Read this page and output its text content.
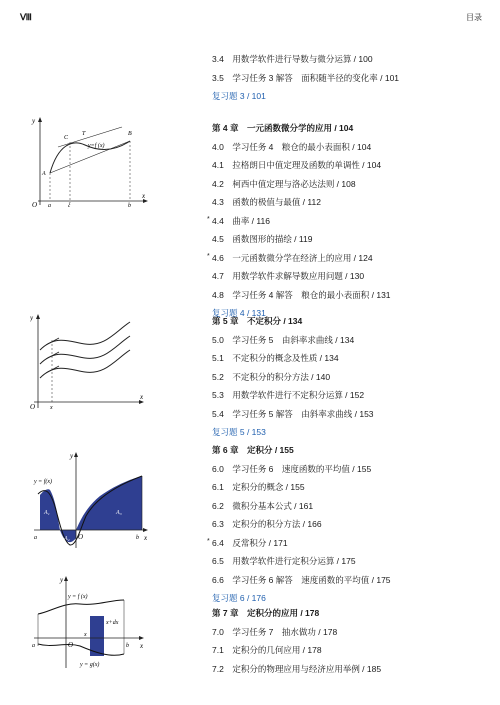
Ⅷ	目录
3.4　用数学软件进行导数与微分运算 / 100
3.5　学习任务 3 解答　面积随半径的变化率 / 101
复习题 3 / 101
第 4 章　一元函数微分学的应用 / 104
4.0　学习任务 4　粮仓的最小表面积 / 104
4.1　拉格朗日中值定理及函数的单调性 / 104
4.2　柯西中值定理与洛必达法则 / 108
4.3　函数的极值与最值 / 112
* 4.4　曲率 / 116
4.5　函数图形的描绘 / 119
* 4.6　一元函数微分学在经济上的应用 / 124
4.7　用数学软件求解导数应用问题 / 130
4.8　学习任务 4 解答　粮仓的最小表面积 / 131
复习题 4 / 131
第 5 章　不定积分 / 134
5.0　学习任务 5　由斜率求曲线 / 134
5.1　不定积分的概念及性质 / 134
5.2　不定积分的积分方法 / 140
5.3　用数学软件进行不定积分运算 / 152
5.4　学习任务 5 解答　由斜率求曲线 / 153
复习题 5 / 153
第 6 章　定积分 / 155
6.0　学习任务 6　速度函数的平均值 / 155
6.1　定积分的概念 / 155
6.2　微积分基本公式 / 161
6.3　定积分的积分方法 / 166
* 6.4　反常积分 / 171
6.5　用数学软件进行定积分运算 / 175
6.6　学习任务 6 解答　速度函数的平均值 / 175
复习题 6 / 176
第 7 章　定积分的应用 / 178
7.0　学习任务 7　抽水做功 / 178
7.1　定积分的几何应用 / 178
7.2　定积分的物理应用与经济应用举例 / 185
y
x
O a	ξ	b
A
B
C
T
y=f (x)
y
x
O x
y
x
O
a	b
y = f(x)
A₁
A₂
A₃
y
x
O
a	b
x
y = f (x)
y = g(x)
x+dx
